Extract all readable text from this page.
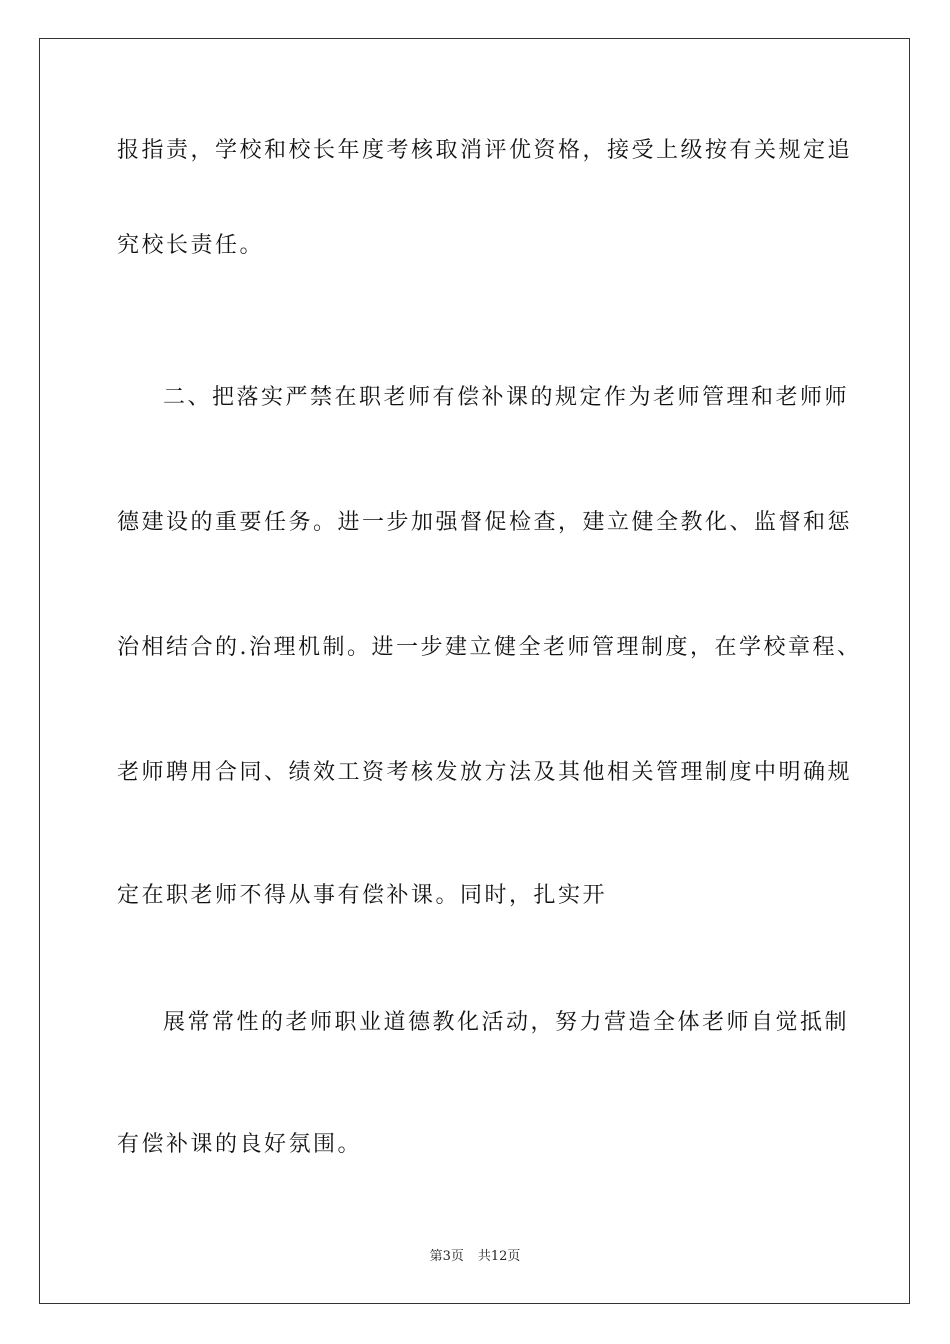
报指责，学校和校长年度考核取消评优资格，接受上级按有关规定追
究校长责任。
二、把落实严禁在职老师有偿补课的规定作为老师管理和老师师
德建设的重要任务。进一步加强督促检查，建立健全教化、监督和惩
治相结合的.治理机制。进一步建立健全老师管理制度，在学校章程、
老师聘用合同、绩效工资考核发放方法及其他相关管理制度中明确规
定在职老师不得从事有偿补课。同时，扎实开
展常常性的老师职业道德教化活动，努力营造全体老师自觉抵制
有偿补课的良好氛围。
第3页 共12页
